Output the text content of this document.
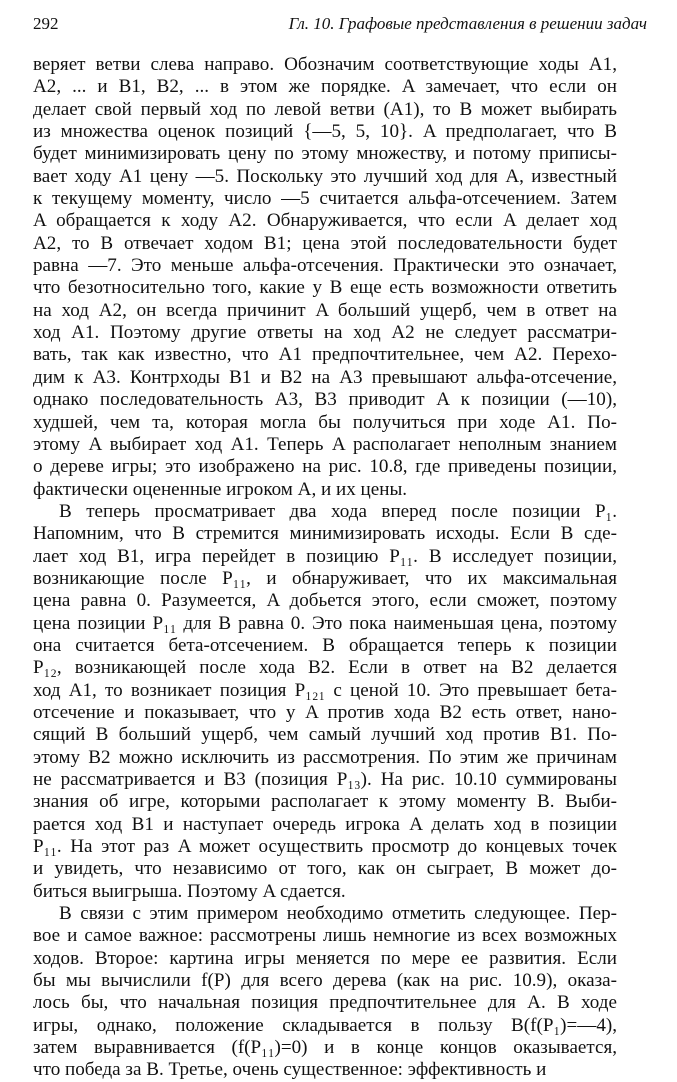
292	Гл. 10. Графовые представления в решении задач
веряет ветви слева направо. Обозначим соответствующие ходы A1,
A2, ... и B1, B2, ... в этом же порядке. A замечает, что если он
делает свой первый ход по левой ветви (A1), то B может выбирать
из множества оценок позиций {—5, 5, 10}. A предполагает, что B
будет минимизировать цену по этому множеству, и потому приписы-
вает ходу A1 цену —5. Поскольку это лучший ход для A, известный
к текущему моменту, число —5 считается альфа-отсечением. Затем
A обращается к ходу A2. Обнаруживается, что если A делает ход
A2, то B отвечает ходом B1; цена этой последовательности будет
равна —7. Это меньше альфа-отсечения. Практически это означает,
что безотносительно того, какие у B еще есть возможности ответить
на ход A2, он всегда причинит A больший ущерб, чем в ответ на
ход A1. Поэтому другие ответы на ход A2 не следует рассматри-
вать, так как известно, что A1 предпочтительнее, чем A2. Перехо-
дим к A3. Контрходы B1 и B2 на A3 превышают альфа-отсечение,
однако последовательность A3, B3 приводит A к позиции (—10),
худшей, чем та, которая могла бы получиться при ходе A1. По-
этому A выбирает ход A1. Теперь A располагает неполным знанием
о дереве игры; это изображено на рис. 10.8, где приведены позиции,
фактически оцененные игроком A, и их цены.
B теперь просматривает два хода вперед после позиции P₁.
Напомним, что B стремится минимизировать исходы. Если B сде-
лает ход B1, игра перейдет в позицию P₁₁. B исследует позиции,
возникающие после P₁₁, и обнаруживает, что их максимальная
цена равна 0. Разумеется, A добьется этого, если сможет, поэтому
цена позиции P₁₁ для B равна 0. Это пока наименьшая цена, поэтому
она считается бета-отсечением. B обращается теперь к позиции
P₁₂, возникающей после хода B2. Если в ответ на B2 делается
ход A1, то возникает позиция P₁₂₁ с ценой 10. Это превышает бета-
отсечение и показывает, что у A против хода B2 есть ответ, нано-
сящий B больший ущерб, чем самый лучший ход против B1. По-
этому B2 можно исключить из рассмотрения. По этим же причинам
не рассматривается и B3 (позиция P₁₃). На рис. 10.10 суммированы
знания об игре, которыми располагает к этому моменту B. Выби-
рается ход B1 и наступает очередь игрока A делать ход в позиции
P₁₁. На этот раз A может осуществить просмотр до концевых точек
и увидеть, что независимо от того, как он сыграет, B может до-
биться выигрыша. Поэтому A сдается.
В связи с этим примером необходимо отметить следующее. Пер-
вое и самое важное: рассмотрены лишь немногие из всех возможных
ходов. Второе: картина игры меняется по мере ее развития. Если
бы мы вычислили f(P) для всего дерева (как на рис. 10.9), оказа-
лось бы, что начальная позиция предпочтительнее для A. В ходе
игры, однако, положение складывается в пользу B(f(P₁)=—4),
затем выравнивается (f(P₁₁)=0) и в конце концов оказывается,
что победа за B. Третье, очень существенное: эффективность и
